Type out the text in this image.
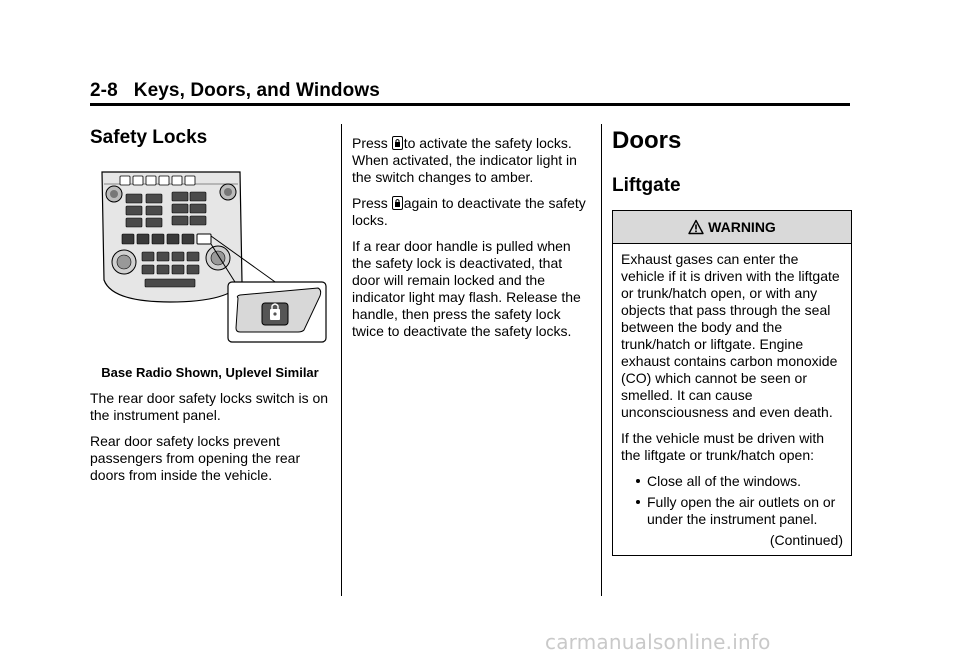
2-8 Keys, Doors, and Windows
Safety Locks
Base Radio Shown, Uplevel Similar

The rear door safety locks switch is on the instrument panel.

Rear door safety locks prevent passengers from opening the rear doors from inside the vehicle.

Press to activate the safety locks. When activated, the indicator light in the switch changes to amber.

Press again to deactivate the safety locks.

If a rear door handle is pulled when the safety lock is deactivated, that door will remain locked and the indicator light may flash. Release the handle, then press the safety lock twice to deactivate the safety locks.

Doors
Liftgate
WARNING

Exhaust gases can enter the vehicle if it is driven with the liftgate or trunk/hatch open, or with any objects that pass through the seal between the body and the trunk/hatch or liftgate. Engine exhaust contains carbon monoxide (CO) which cannot be seen or smelled. It can cause unconsciousness and even death.

If the vehicle must be driven with the liftgate or trunk/hatch open:

Close all of the windows.
Fully open the air outlets on or under the instrument panel.
(Continued)
carmanualsonline.info
